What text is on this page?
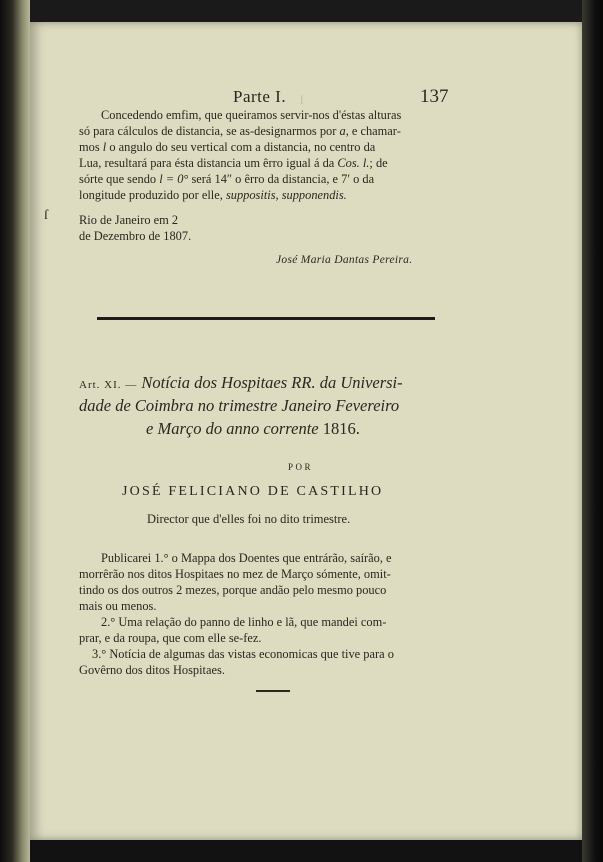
l
Parte I.	137
Concedendo emfim, que queiramos servir-nos d'éstas alturas
só para cálculos de distancia, se as-designarmos por a, e chamar-
mos l o angulo do seu vertical com a distancia, no centro da
Lua, resultará para ésta distancia um êrro igual á da Cos. l.; de
sórte que sendo l = 0° será 14″ o êrro da distancia, e 7′ o da
longitude produzido por elle, suppositis, supponendis.
ſ	Rio de Janeiro em 2
de Dezembro de 1807.
José Maria Dantas Pereira.
Art. XI. — Notícia dos Hospitaes RR. da Universi-
dade de Coimbra no trimestre Janeiro Fevereiro
e Março do anno corrente 1816.
POR
JOSÉ FELICIANO DE CASTILHO
Director que d'elles foi no dito trimestre.
Publicarei 1.° o Mappa dos Doentes que entrárão, saírão, e
morrêrão nos ditos Hospitaes no mez de Março sómente, omit-
tindo os dos outros 2 mezes, porque andão pelo mesmo pouco
mais ou menos.
2.° Uma relação do panno de linho e lã, que mandei com-
prar, e da roupa, que com elle se-fez.
3.° Notícia de algumas das vistas economicas que tive para o
Govêrno dos ditos Hospitaes.
